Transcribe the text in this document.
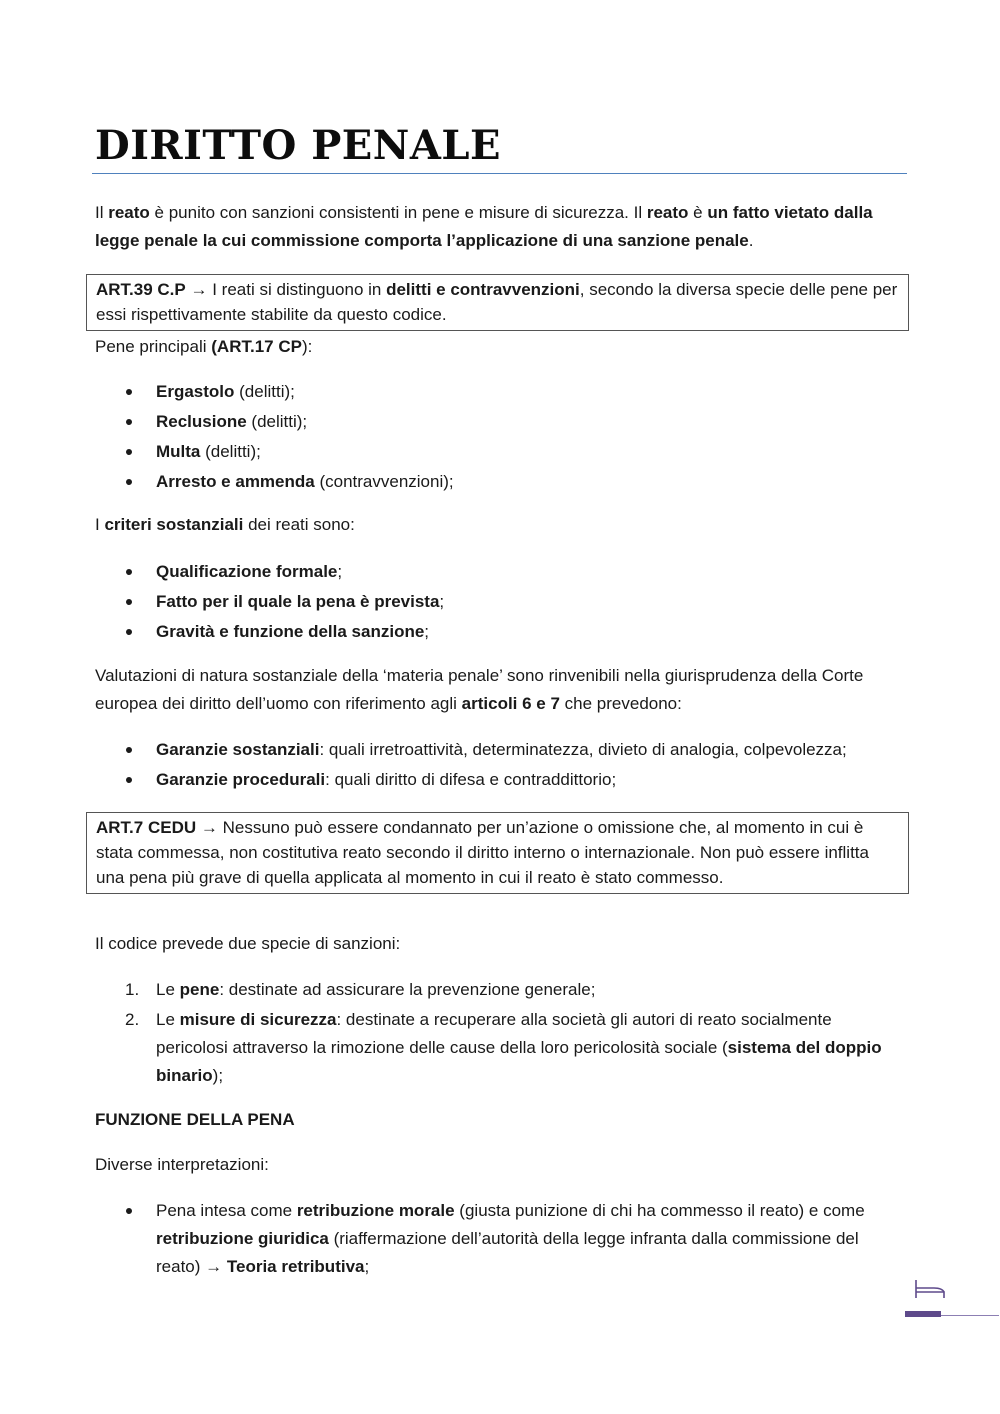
DIRITTO PENALE

Il reato è punito con sanzioni consistenti in pene e misure di sicurezza. Il reato è un fatto vietato dalla legge penale la cui commissione comporta l’applicazione di una sanzione penale.

ART.39 C.P → I reati si distinguono in delitti e contravvenzioni, secondo la diversa specie delle pene per essi rispettivamente stabilite da questo codice.

Pene principali (ART.17 CP):

Ergastolo (delitti);
Reclusione (delitti);
Multa (delitti);
Arresto e ammenda (contravvenzioni);

I criteri sostanziali dei reati sono:

Qualificazione formale;
Fatto per il quale la pena è prevista;
Gravità e funzione della sanzione;

Valutazioni di natura sostanziale della ‘materia penale’ sono rinvenibili nella giurisprudenza della Corte europea dei diritto dell’uomo con riferimento agli articoli 6 e 7 che prevedono:

Garanzie sostanziali: quali irretroattività, determinatezza, divieto di analogia, colpevolezza;
Garanzie procedurali: quali diritto di difesa e contraddittorio;
ART.7 CEDU → Nessuno può essere condannato per un’azione o omissione che, al momento in cui è stata commessa, non costitutiva reato secondo il diritto interno o internazionale. Non può essere inflitta una pena più grave di quella applicata al momento in cui il reato è stato commesso.

Il codice prevede due specie di sanzioni:

1. Le pene: destinate ad assicurare la prevenzione generale;
2. Le misure di sicurezza: destinate a recuperare alla società gli autori di reato socialmente pericolosi attraverso la rimozione delle cause della loro pericolosità sociale (sistema del doppio binario);

FUNZIONE DELLA PENA

Diverse interpretazioni:

Pena intesa come retribuzione morale (giusta punizione di chi ha commesso il reato) e come retribuzione giuridica (riaffermazione dell’autorità della legge infranta dalla commissione del reato) → Teoria retributiva;
